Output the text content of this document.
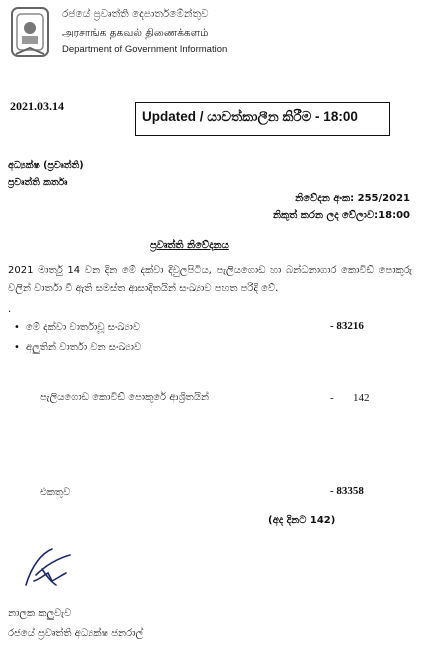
රජයේ ප්‍රවෘත්ති දෙපාර්තමේන්තුව
அரசாங்க தகவல் திணைக்களம்
Department of Government Information
2021.03.14
Updated / යාවත්කාලීන කිරීම - 18:00
අධ්‍යක්ෂ (ප්‍රවෘත්ති)
ප්‍රවෘත්ති කර්තෘ
නිවේදන අංක: 255/2021
නිකුත් කරන ලද වේලාව:18:00
ප්‍රවෘත්ති නිවේදනය
2021 මාර්තු 14 වන දින මේ දක්වා දිවුලපිටිය, පැලියගොඩ හා බන්ධනාගාර කොවිඩ් පොකුරු වලින් වාර්තා වී ඇති සමස්ත ආසාදිතයින් සංඛ්‍යාව පහත පරිදි වේ.
.
• මේ දක්වා වාර්තාවූ සංඛ්‍යාව	- 83216
• අලුතින් වාර්තා වන සංඛ්‍යාව
පැලියගොඩ කොවිඩ් පොකුරේ ආශ්‍රිතයින්	- 142
එකතුව	- 83358
(අද දිනට 142)
නාලක කලුවැව
රජයේ ප්‍රවෘත්ති අධ්‍යක්ෂ ජනරාල්
